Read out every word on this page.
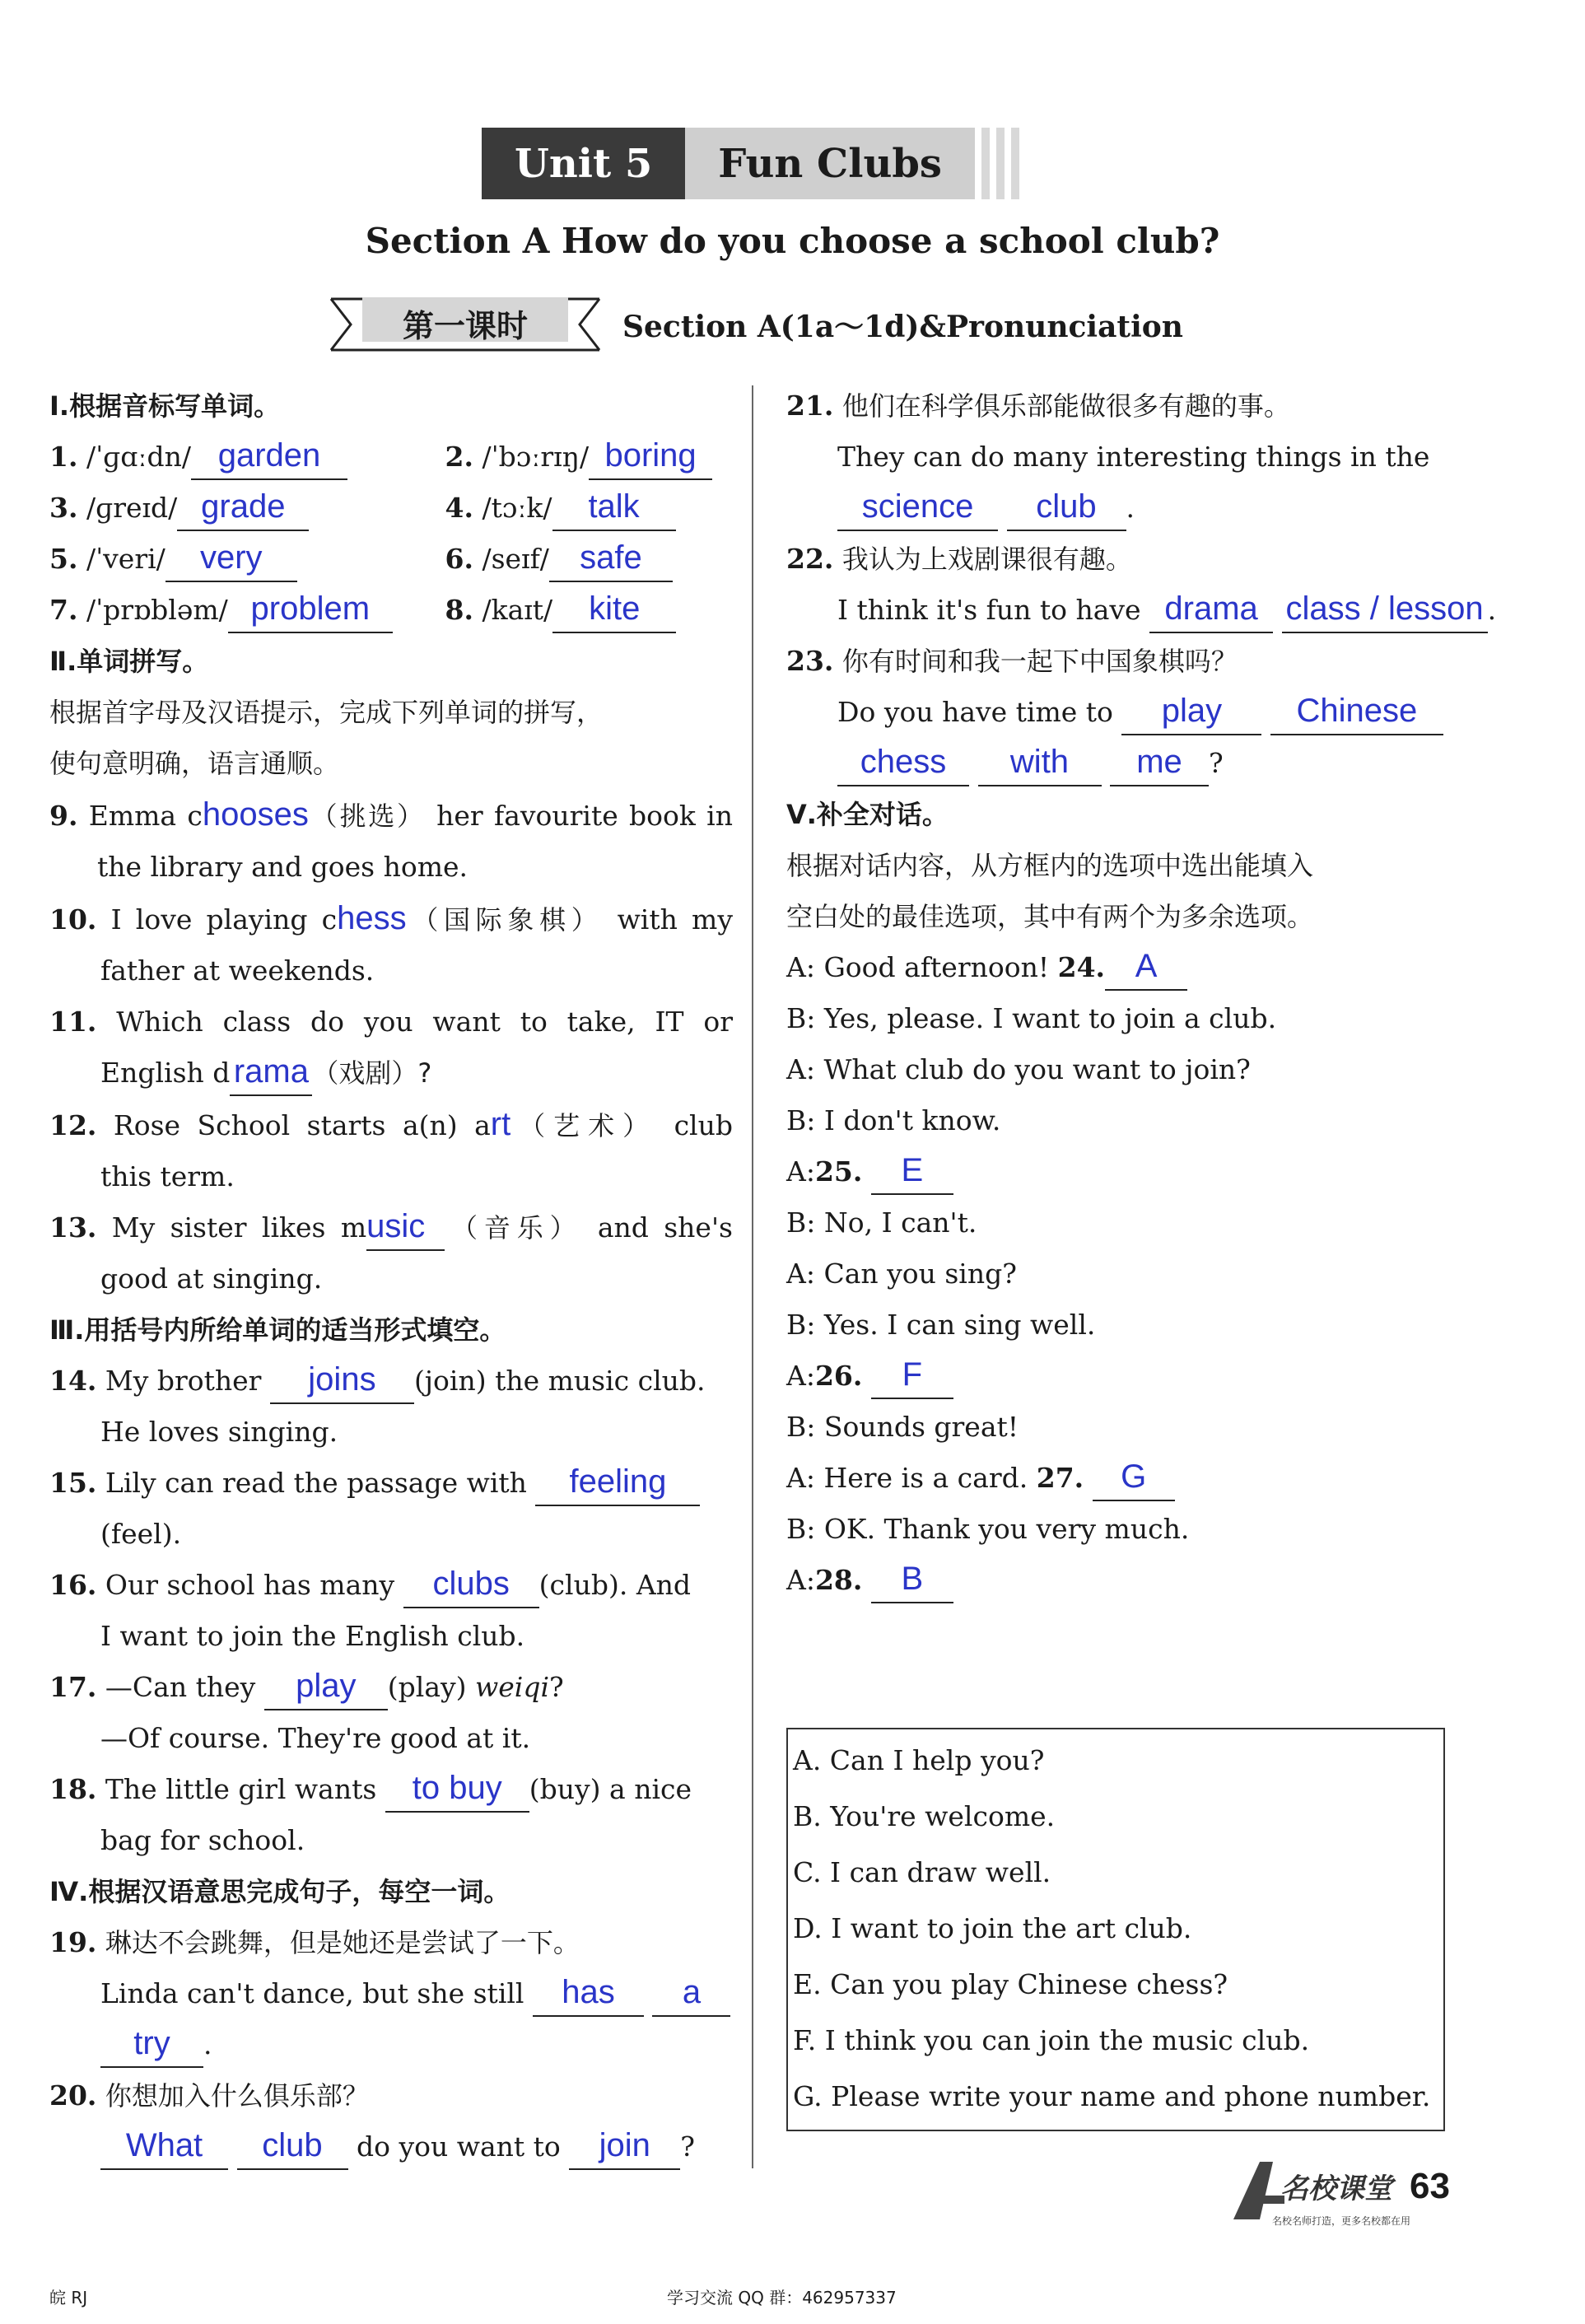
Unit 5	Fun Clubs
Section A How do you choose a school club?
第一课时	Section A(1a～1d)&Pronunciation
Ⅰ.根据音标写单词。
1. /ˈɡɑːdn/ garden	2. /ˈbɔːrɪŋ/ boring
3. /ɡreɪd/ grade	4. /tɔːk/ talk
5. /ˈveri/ very	6. /seɪf/ safe
7. /ˈprɒbləm/ problem	8. /kaɪt/ kite
Ⅱ.单词拼写。
根据首字母及汉语提示，完成下列单词的拼写，
使句意明确，语言通顺。
9. Emma chooses（挑选） her favourite book in
the library and goes home.
10. I love playing chess（国际象棋） with my
father at weekends.
11. Which class do you want to take, IT or
English d rama （戏剧）?
12. Rose School starts a(n) art（艺术） club
this term.
13. My sister likes music （音乐） and she's
good at singing.
Ⅲ.用括号内所给单词的适当形式填空。
14. My brother joins (join) the music club.
He loves singing.
15. Lily can read the passage with feeling
(feel).
16. Our school has many clubs (club). And
I want to join the English club.
17. —Can they play (play) weiqi?
—Of course. They're good at it.
18. The little girl wants to buy (buy) a nice
bag for school.
Ⅳ.根据汉语意思完成句子，每空一词。
19. 琳达不会跳舞，但是她还是尝试了一下。
Linda can't dance, but she still has a
try .
20. 你想加入什么俱乐部？
What club do you want to join ?
21. 他们在科学俱乐部能做很多有趣的事。
They can do many interesting things in the
science club .
22. 我认为上戏剧课很有趣。
I think it's fun to have drama class / lesson .
23. 你有时间和我一起下中国象棋吗？
Do you have time to play Chinese
chess with me ?
Ⅴ.补全对话。
根据对话内容，从方框内的选项中选出能填入
空白处的最佳选项，其中有两个为多余选项。
A: Good afternoon! 24. A
B: Yes, please. I want to join a club.
A: What club do you want to join?
B: I don't know.
A:25. E
B: No, I can't.
A: Can you sing?
B: Yes. I can sing well.
A:26. F
B: Sounds great!
A: Here is a card. 27. G
B: OK. Thank you very much.
A:28. B
A. Can I help you?
B. You're welcome.
C. I can draw well.
D. I want to join the art club.
E. Can you play Chinese chess?
F. I think you can join the music club.
G. Please write your name and phone number.
皖 RJ	学习交流 QQ 群：462957337
名校课堂
名校名师打造，更多名校都在用
63
